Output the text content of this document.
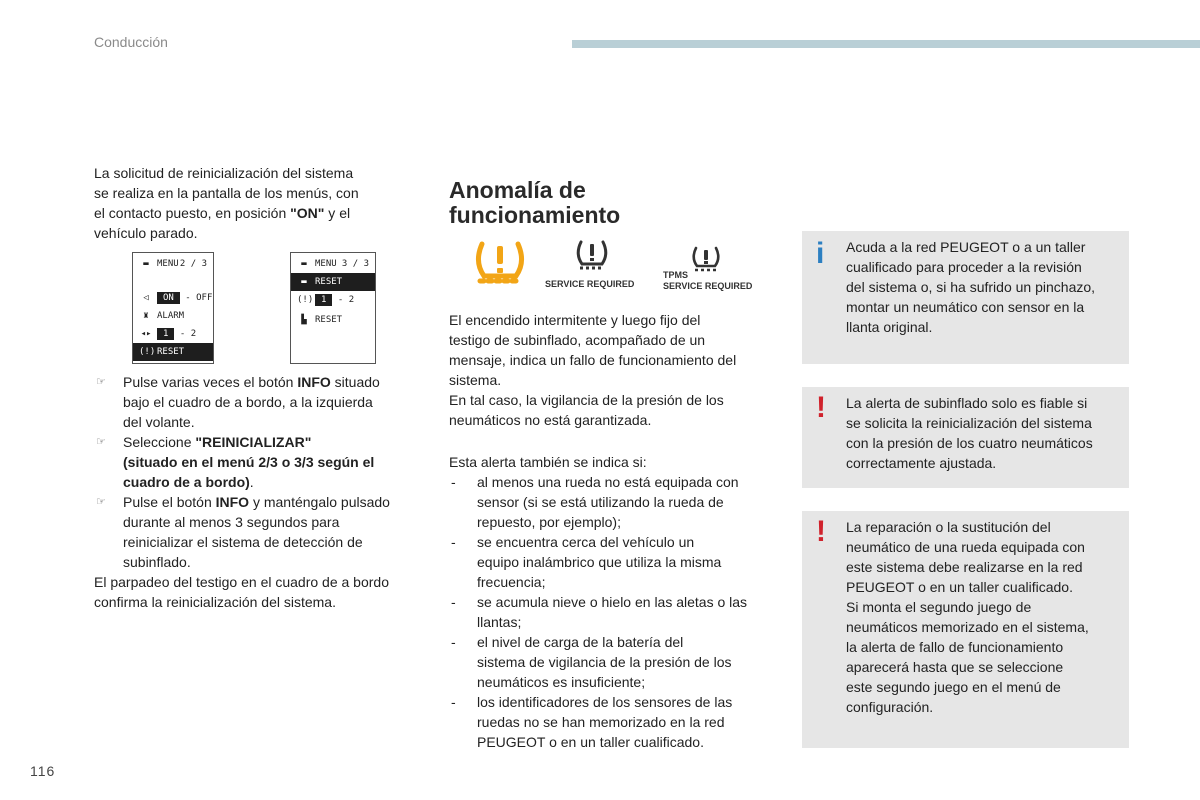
Conducción
La solicitud de reinicialización del sistema
se realiza en la pantalla de los menús, con
el contacto puesto, en posición "ON" y el
vehículo parado.
▬ MENU 2 / 3
◁ ON - OFF
♜ ALARM
◂▸ 1 - 2
(!) RESET
▬ MENU 3 / 3
▬ RESET
(!) 1 - 2
▙ RESET
☞ Pulse varias veces el botón INFO situado
bajo el cuadro de a bordo, a la izquierda
del volante.
☞ Seleccione "REINICIALIZAR"
(situado en el menú 2/3 o 3/3 según el
cuadro de a bordo).
☞ Pulse el botón INFO y manténgalo pulsado
durante al menos 3 segundos para
reinicializar el sistema de detección de
subinflado.
El parpadeo del testigo en el cuadro de a bordo
confirma la reinicialización del sistema.
Anomalía de
funcionamiento
SERVICE REQUIRED
TPMS
SERVICE REQUIRED
El encendido intermitente y luego fijo del
testigo de subinflado, acompañado de un
mensaje, indica un fallo de funcionamiento del
sistema.
En tal caso, la vigilancia de la presión de los
neumáticos no está garantizada.
Esta alerta también se indica si:
- al menos una rueda no está equipada con
sensor (si se está utilizando la rueda de
repuesto, por ejemplo);
- se encuentra cerca del vehículo un
equipo inalámbrico que utiliza la misma
frecuencia;
- se acumula nieve o hielo en las aletas o las
llantas;
- el nivel de carga de la batería del
sistema de vigilancia de la presión de los
neumáticos es insuficiente;
- los identificadores de los sensores de las
ruedas no se han memorizado en la red
PEUGEOT o en un taller cualificado.
i Acuda a la red PEUGEOT o a un taller
cualificado para proceder a la revisión
del sistema o, si ha sufrido un pinchazo,
montar un neumático con sensor en la
llanta original.
! La alerta de subinflado solo es fiable si
se solicita la reinicialización del sistema
con la presión de los cuatro neumáticos
correctamente ajustada.
! La reparación o la sustitución del
neumático de una rueda equipada con
este sistema debe realizarse en la red
PEUGEOT o en un taller cualificado.
Si monta el segundo juego de
neumáticos memorizado en el sistema,
la alerta de fallo de funcionamiento
aparecerá hasta que se seleccione
este segundo juego en el menú de
configuración.
116
